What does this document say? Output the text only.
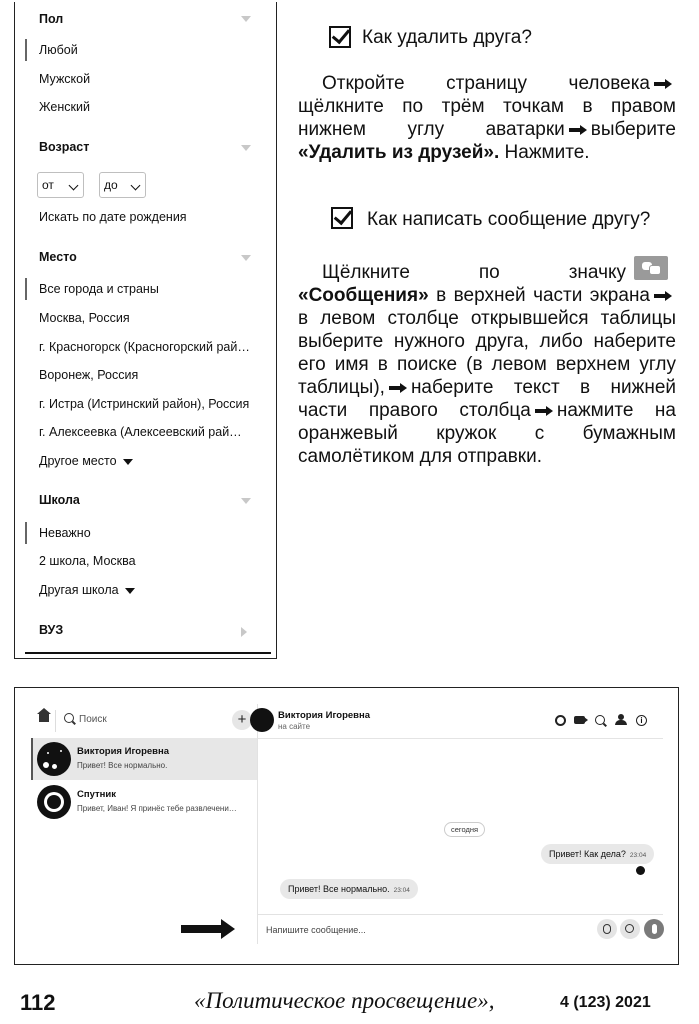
Пол
Любой
Мужской
Женский
Возраст
от	до
Искать по дате рождения
Место
Все города и страны
Москва, Россия
г. Красногорск (Красногорский рай…
Воронеж, Россия
г. Истра (Истринский район), Россия
г. Алексеевка (Алексеевский рай…
Другое место
Школа
Неважно
2 школа, Москва
Другая школа
ВУЗ
Как удалить друга?
Откройте страницу человекащёлкните по трём точкам в правом нижнем углу аватарки выберите «Удалить из друзей». Нажмите.
Как написать сообщение другу?
Щёлкните по значку«Сообщения» в верхней части экранав левом столбце открывшейся таблицы выберите нужного друга, либо наберите его имя в поиске (в левом верхнем углу таблицы), наберите текст в нижней части правого столбца нажмите на оранжевый кружок с бумажным самолётиком для отправки.
Поиск	+
Виктория Игоревна
Привет! Все нормально.
Спутник
Привет, Иван! Я принёс тебе развлечени…
Виктория Игоревна
на сайте
i
сегодня
Привет! Как дела? 23:04
Привет! Все нормально. 23:04
Напишите сообщение...
112	«Политическое просвещение»,	4 (123) 2021
